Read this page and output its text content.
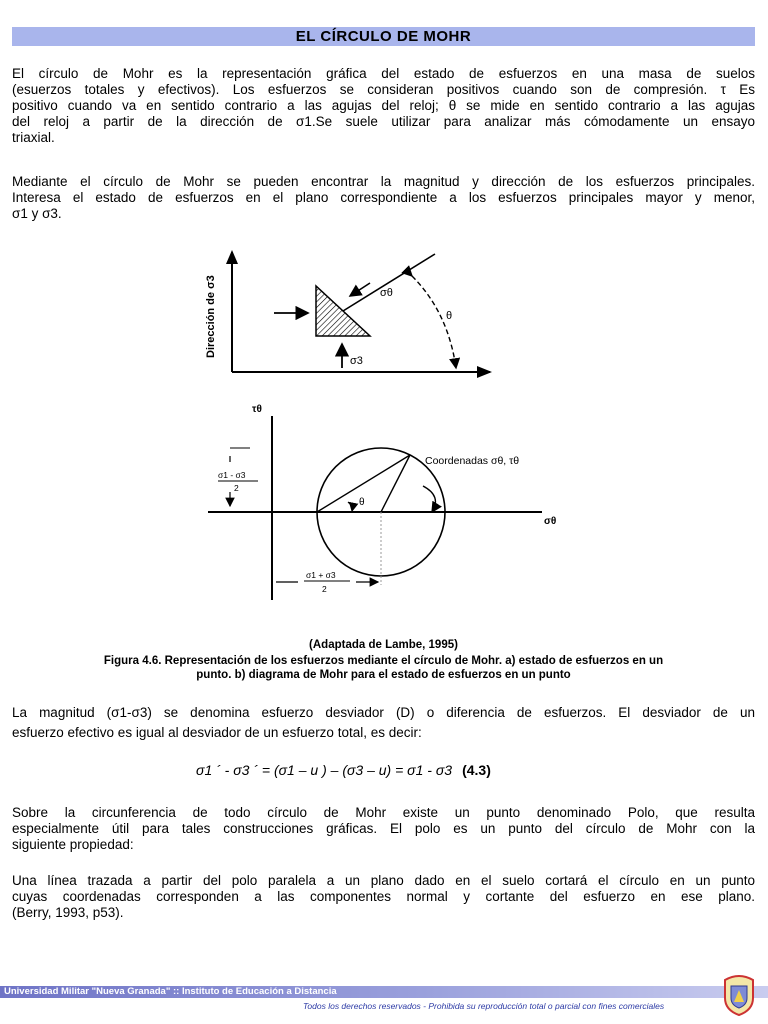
EL CÍRCULO DE MOHR
El círculo de Mohr es la representación gráfica del estado de esfuerzos en una masa de suelos
(esuerzos totales y efectivos). Los esfuerzos se consideran positivos cuando son de compresión. τ Es
positivo cuando va en sentido contrario a las agujas del reloj; θ se mide en sentido contrario a las agujas
del reloj a partir de la dirección de σ1.Se suele utilizar para analizar más cómodamente un ensayo
triaxial.
Mediante el círculo de Mohr se pueden encontrar la magnitud y dirección de los esfuerzos principales.
Interesa el estado de esfuerzos en el plano correspondiente a los esfuerzos principales mayor y menor,
σ1 y σ3.
Dirección de σ3
σ3
σθ
θ
τθ
σθ
θ
Coordenadas σθ, τθ
σ1 - σ3
2
σ1 + σ3
2
(Adaptada de Lambe, 1995)
Figura 4.6. Representación de los esfuerzos mediante el círculo de Mohr. a) estado de esfuerzos en un
punto. b) diagrama de Mohr para el estado de esfuerzos en un punto
La magnitud (σ1-σ3) se denomina esfuerzo desviador (D) o diferencia de esfuerzos. El desviador de un
esfuerzo efectivo es igual al desviador de un esfuerzo total, es decir:
σ1 ´ - σ3 ´ = (σ1 – u ) – (σ3 – u) = σ1 - σ3 (4.3)
Sobre la circunferencia de todo círculo de Mohr existe un punto denominado Polo, que resulta
especialmente útil para tales construcciones gráficas. El polo es un punto del círculo de Mohr con la
siguiente propiedad:
Una línea trazada a partir del polo paralela a un plano dado en el suelo cortará el círculo en un punto
cuyas coordenadas corresponden a las componentes normal y cortante del esfuerzo en ese plano.
(Berry, 1993, p53).
Universidad Militar "Nueva Granada" :: Instituto de Educación a Distancia
Todos los derechos reservados - Prohibida su reproducción total o parcial con fines comerciales
